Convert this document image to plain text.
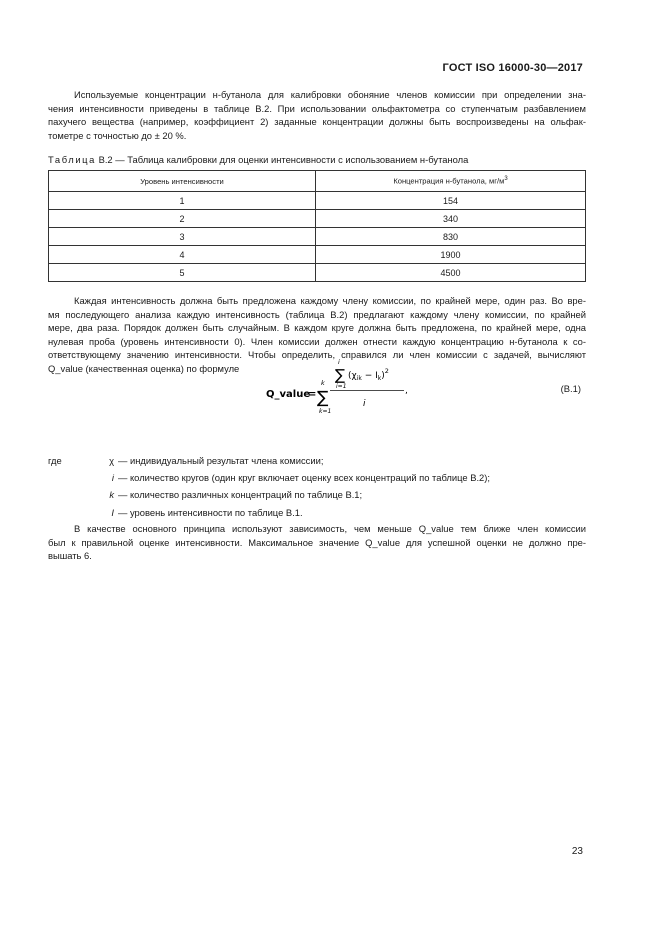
ГОСТ ISO 16000-30—2017
Используемые концентрации н-бутанола для калибровки обоняние членов комиссии при определении зна-
чения интенсивности приведены в таблице В.2. При использовании ольфактометра со ступенчатым разбавлением
пахучего вещества (например, коэффициент 2) заданные концентрации должны быть воспроизведены на ольфак-
тометре с точностью до ± 20 %.
Таблица В.2 — Таблица калибровки для оценки интенсивности с использованием н-бутанола
Уровень интенсивности	Концентрация н-бутанола, $мг/м^3$
1	154
2	340
3	830
4	1900
5	4500
Каждая интенсивность должна быть предложена каждому члену комиссии, по крайней мере, один раз. Во вре-
мя последующего анализа каждую интенсивность (таблица В.2) предлагают каждому члену комиссии, по крайней
мере, два раза. Порядок должен быть случайным. В каждом круге должна быть предложена, по крайней мере, одна
нулевая проба (уровень интенсивности 0). Член комиссии должен отнести каждую концентрацию н-бутанола к со-
ответствующему значению интенсивности. Чтобы определить, справился ли член комиссии с задачей, вычисляют
Q_value (качественная оценка) по формуле
Q_value
= ∑
k
k=1
∑
i
i=1
$(\chi_{ik} - I_k)^2$
i
,	(В.1)
где	χ — индивидуальный результат члена комиссии;
i — количество кругов (один круг включает оценку всех концентраций по таблице В.2);
k — количество различных концентраций по таблице В.1;
I — уровень интенсивности по таблице В.1.
В качестве основного принципа используют зависимость, чем меньше Q_value тем ближе член комиссии
был к правильной оценке интенсивности. Максимальное значение Q_value для успешной оценки не должно пре-
вышать 6.
23
